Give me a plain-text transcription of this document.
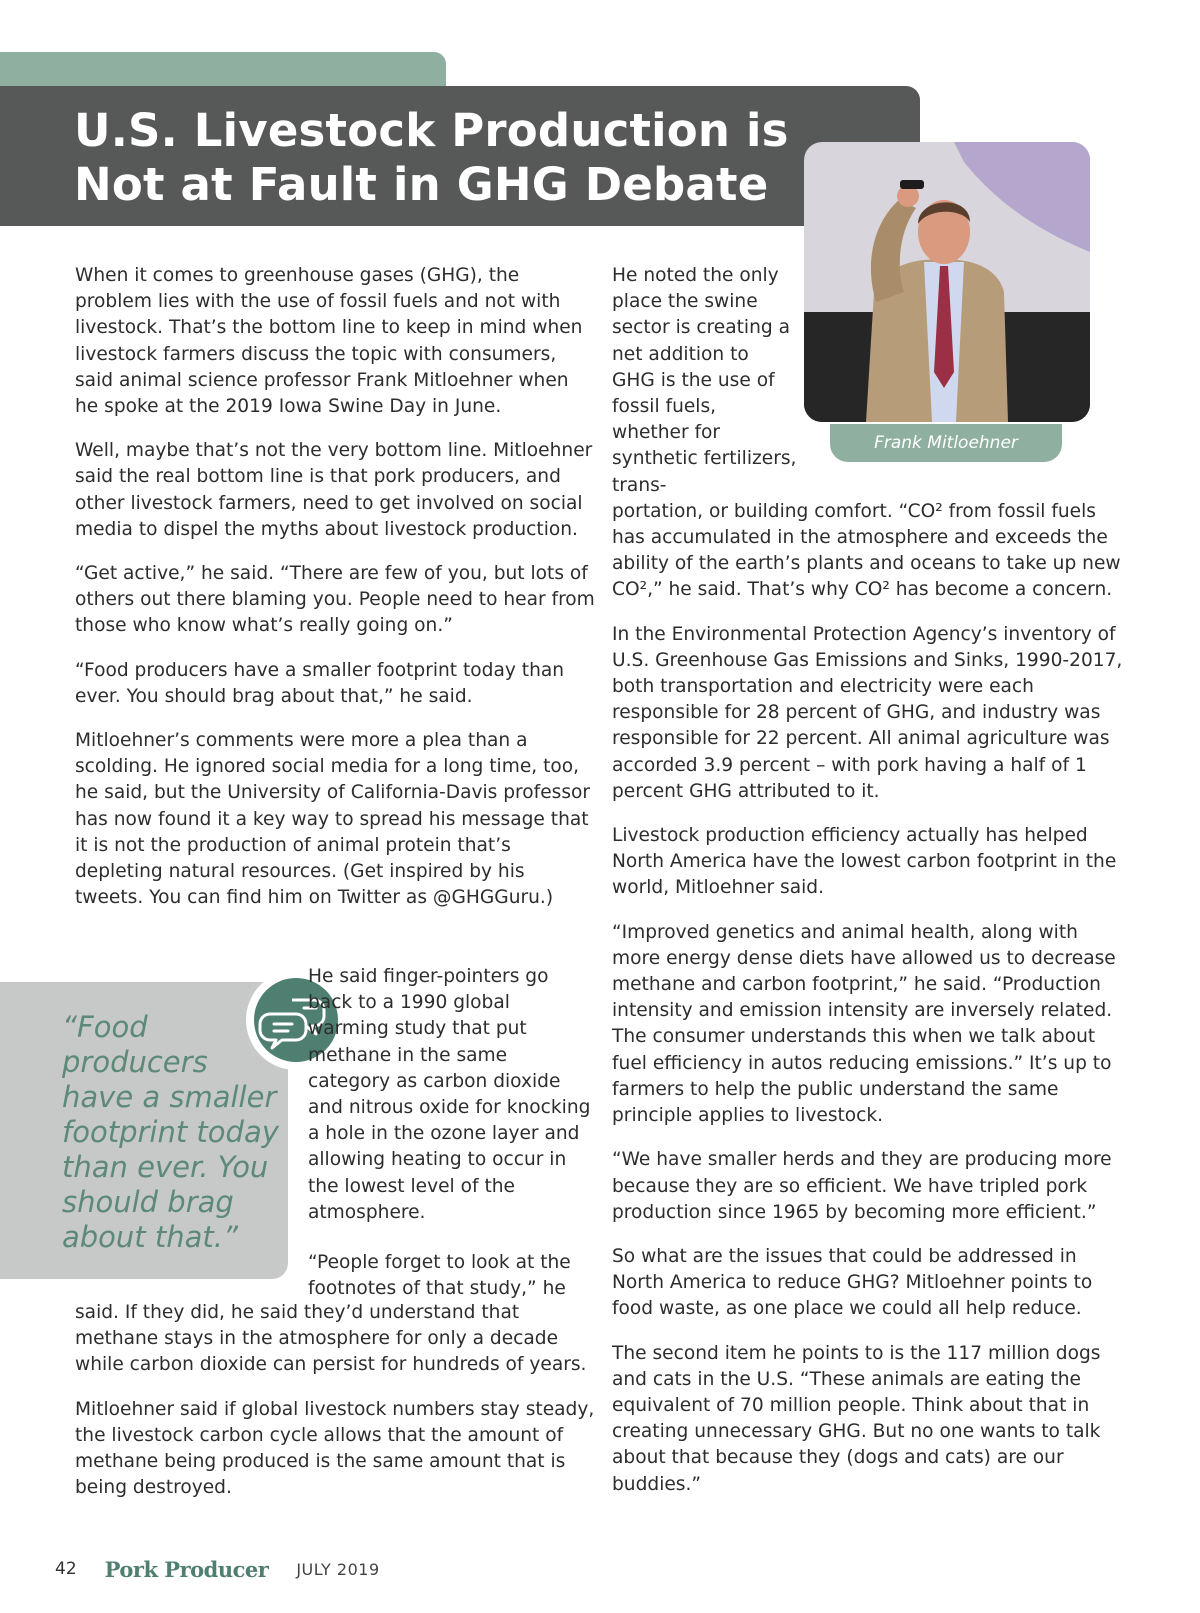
U.S. Livestock Production is Not at Fault in GHG Debate
Frank Mitloehner

When it comes to greenhouse gases (GHG), the problem lies with the use of fossil fuels and not with livestock. That’s the bottom line to keep in mind when livestock farmers discuss the topic with consumers, said animal science professor Frank Mitloehner when he spoke at the 2019 Iowa Swine Day in June.

Well, maybe that’s not the very bottom line. Mitloehner said the real bottom line is that pork producers, and other livestock farmers, need to get involved on social media to dispel the myths about livestock production.

“Get active,” he said. “There are few of you, but lots of others out there blaming you. People need to hear from those who know what’s really going on.”

“Food producers have a smaller footprint today than ever. You should brag about that,” he said.

Mitloehner’s comments were more a plea than a scolding. He ignored social media for a long time, too, he said, but the University of California-Davis professor has now found it a key way to spread his message that it is not the production of animal protein that’s depleting natural resources. (Get inspired by his tweets. You can find him on Twitter as @GHGGuru.)

“Food producers have a smaller footprint today than ever. You should brag about that.”

He said finger-pointers go back to a 1990 global warming study that put methane in the same category as carbon dioxide and nitrous oxide for knocking a hole in the ozone layer and allowing heating to occur in the lowest level of the atmosphere.

“People forget to look at the footnotes of that study,” he

said. If they did, he said they’d understand that methane stays in the atmosphere for only a decade while carbon dioxide can persist for hundreds of years.

Mitloehner said if global livestock numbers stay steady, the livestock carbon cycle allows that the amount of methane being produced is the same amount that is being destroyed.

He noted the only place the swine sector is creating a net addition to GHG is the use of fossil fuels, whether for synthetic fertilizers, trans-

portation, or building comfort. “CO² from fossil fuels has accumulated in the atmosphere and exceeds the ability of the earth’s plants and oceans to take up new CO²,” he said. That’s why CO² has become a concern.

In the Environmental Protection Agency’s inventory of U.S. Greenhouse Gas Emissions and Sinks, 1990-2017, both transportation and electricity were each responsible for 28 percent of GHG, and industry was responsible for 22 percent. All animal agriculture was accorded 3.9 percent – with pork having a half of 1 percent GHG attributed to it.

Livestock production efficiency actually has helped North America have the lowest carbon footprint in the world, Mitloehner said.

“Improved genetics and animal health, along with more energy dense diets have allowed us to decrease methane and carbon footprint,” he said. “Production intensity and emission intensity are inversely related. The consumer understands this when we talk about fuel efficiency in autos reducing emissions.” It’s up to farmers to help the public understand the same principle applies to livestock.

“We have smaller herds and they are producing more because they are so efficient. We have tripled pork production since 1965 by becoming more efficient.”

So what are the issues that could be addressed in North America to reduce GHG? Mitloehner points to food waste, as one place we could all help reduce.

The second item he points to is the 117 million dogs and cats in the U.S. “These animals are eating the equivalent of 70 million people. Think about that in creating unnecessary GHG. But no one wants to talk about that because they (dogs and cats) are our buddies.”

42 Pork Producer JULY 2019
